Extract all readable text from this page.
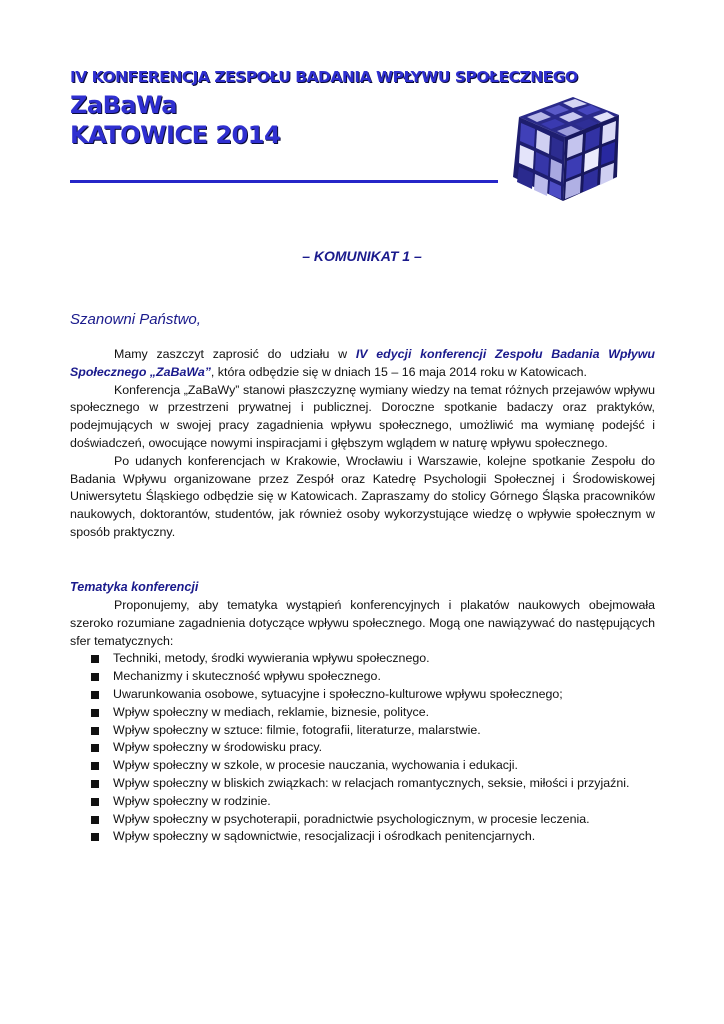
IV KONFERENCJA ZESPOŁU BADANIA WPŁYWU SPOŁECZNEGO
ZaBaWa
KATOWICE 2014
– KOMUNIKAT 1 –
Szanowni Państwo,

Mamy zaszczyt zaprosić do udziału w IV edycji konferencji Zespołu Badania Wpływu Społecznego „ZaBaWa”, która odbędzie się w dniach 15 – 16 maja 2014 roku w Katowicach.

Konferencja „ZaBaWy” stanowi płaszczyznę wymiany wiedzy na temat różnych przejawów wpływu społecznego w przestrzeni prywatnej i publicznej. Doroczne spotkanie badaczy oraz praktyków, podejmujących w swojej pracy zagadnienia wpływu społecznego, umożliwić ma wymianę podejść i doświadczeń, owocujące nowymi inspiracjami i głębszym wglądem w naturę wpływu społecznego.

Po udanych konferencjach w Krakowie, Wrocławiu i Warszawie, kolejne spotkanie Zespołu do Badania Wpływu organizowane przez Zespół oraz Katedrę Psychologii Społecznej i Środowiskowej Uniwersytetu Śląskiego odbędzie się w Katowicach. Zapraszamy do stolicy Górnego Śląska pracowników naukowych, doktorantów, studentów, jak również osoby wykorzystujące wiedzę o wpływie społecznym w sposób praktyczny.

Tematyka konferencji

Proponujemy, aby tematyka wystąpień konferencyjnych i plakatów naukowych obejmowała szeroko rozumiane zagadnienia dotyczące wpływu społecznego. Mogą one nawiązywać do następujących sfer tematycznych:

Techniki, metody, środki wywierania wpływu społecznego.
Mechanizmy i skuteczność wpływu społecznego.
Uwarunkowania osobowe, sytuacyjne i społeczno-kulturowe wpływu społecznego;
Wpływ społeczny w mediach, reklamie, biznesie, polityce.
Wpływ społeczny w sztuce: filmie, fotografii, literaturze, malarstwie.
Wpływ społeczny w środowisku pracy.
Wpływ społeczny w szkole, w procesie nauczania, wychowania i edukacji.
Wpływ społeczny w bliskich związkach: w relacjach romantycznych, seksie, miłości i przyjaźni.
Wpływ społeczny w rodzinie.
Wpływ społeczny w psychoterapii, poradnictwie psychologicznym, w procesie leczenia.
Wpływ społeczny w sądownictwie, resocjalizacji i ośrodkach penitencjarnych.
